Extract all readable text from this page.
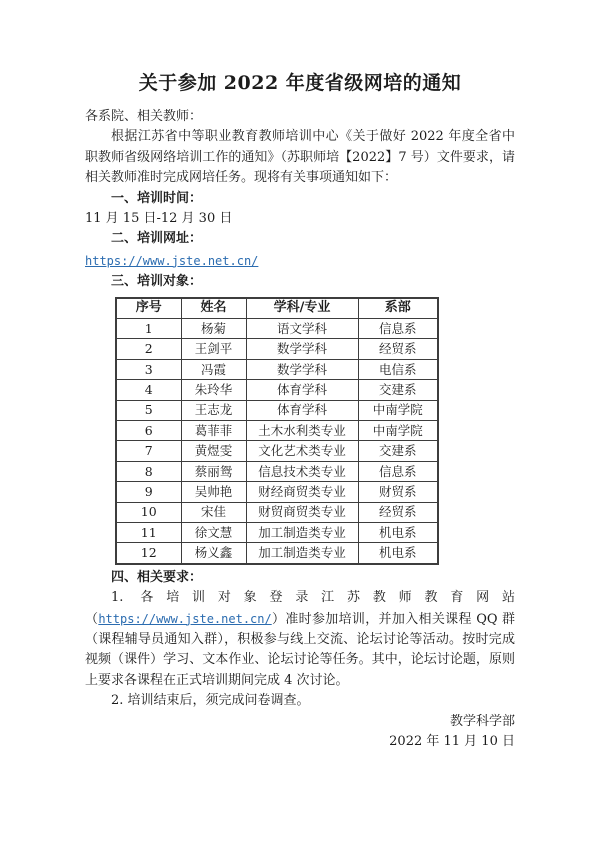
关于参加 2022 年度省级网培的通知

各系院、相关教师：

根据江苏省中等职业教育教师培训中心《关于做好 2022 年度全省中职教师省级网络培训工作的通知》（苏职师培【2022】7 号）文件要求，请相关教师准时完成网培任务。现将有关事项通知如下：

一、培训时间：

11 月 15 日-12 月 30 日

二、培训网址：

https://www.jste.net.cn/

三、培训对象：

序号	姓名	学科/专业	系部
1	杨菊	语文学科	信息系
2	王剑平	数学学科	经贸系
3	冯霞	数学学科	电信系
4	朱玲华	体育学科	交建系
5	王志龙	体育学科	中南学院
6	葛菲菲	土木水利类专业	中南学院
7	黄煜雯	文化艺术类专业	交建系
8	蔡丽鸳	信息技术类专业	信息系
9	吴帅艳	财经商贸类专业	财贸系
10	宋佳	财贸商贸类专业	经贸系
11	徐文慧	加工制造类专业	机电系
12	杨义鑫	加工制造类专业	机电系

四、相关要求：

1. 各培训对象登录江苏教师教育网站（https://www.jste.net.cn/）准时参加培训，并加入相关课程 QQ 群（课程辅导员通知入群），积极参与线上交流、论坛讨论等活动。按时完成视频（课件）学习、文本作业、论坛讨论等任务。其中，论坛讨论题，原则上要求各课程在正式培训期间完成 4 次讨论。

2. 培训结束后，须完成问卷调查。

教学科学部

2022 年 11 月 10 日
